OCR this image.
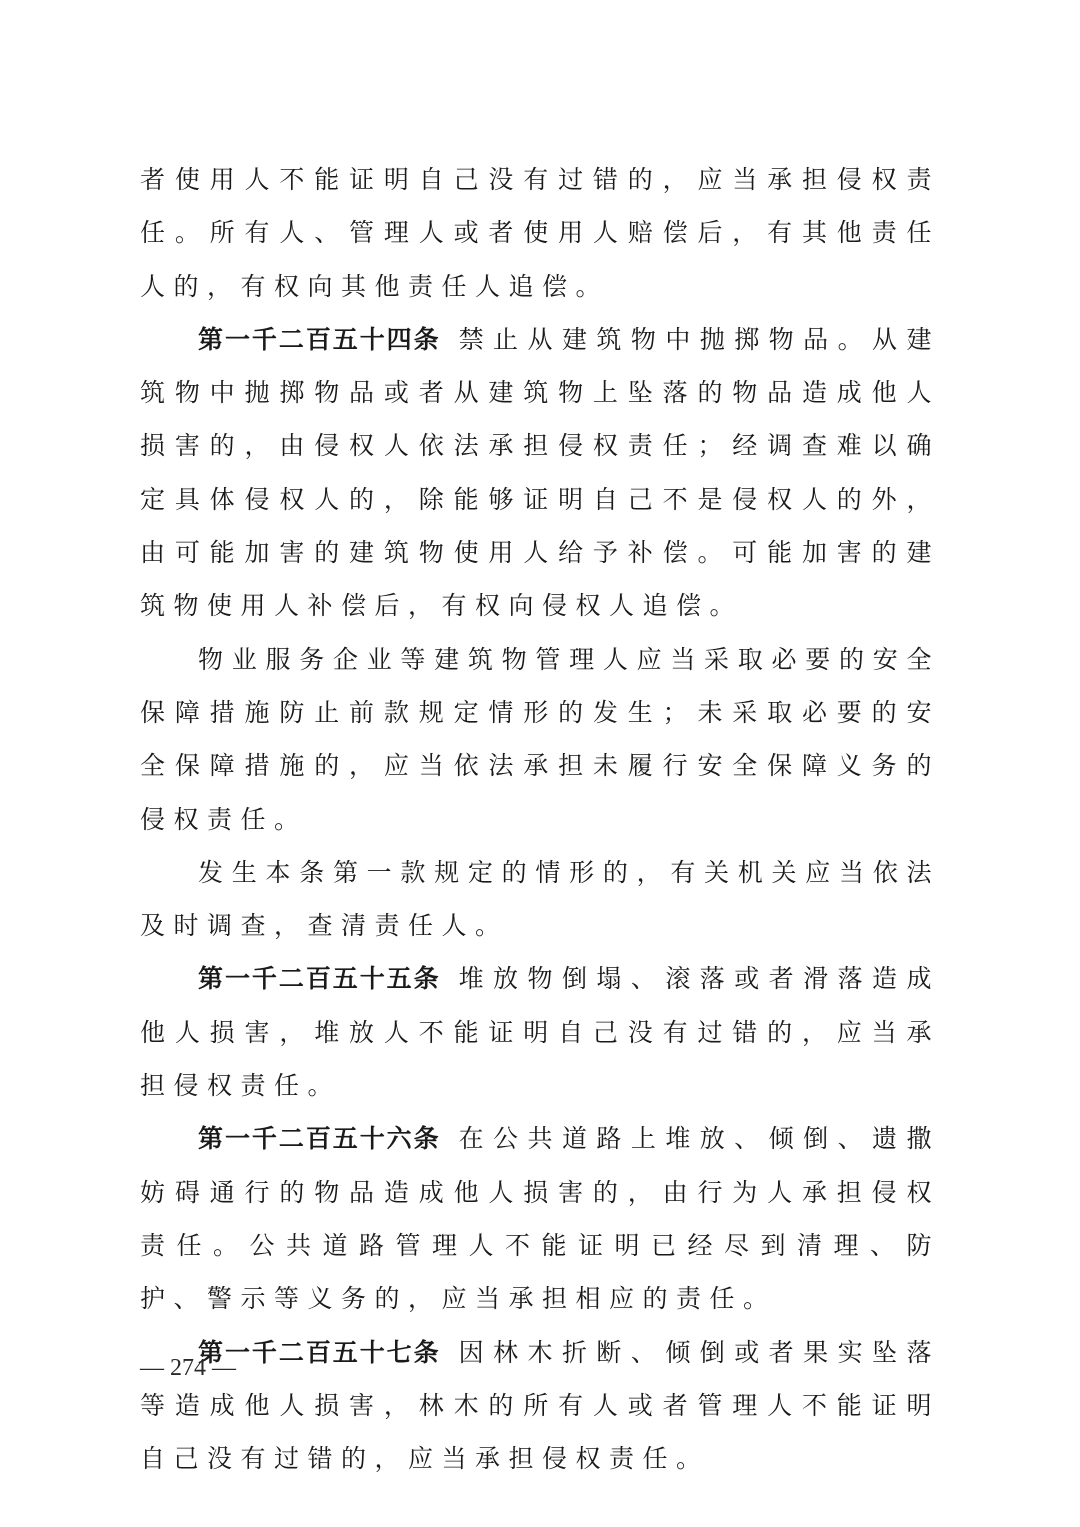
者使用人不能证明自己没有过错的，应当承担侵权责任。所有人、管理人或者使用人赔偿后，有其他责任人的，有权向其他责任人追偿。

第一千二百五十四条 禁止从建筑物中抛掷物品。从建筑物中抛掷物品或者从建筑物上坠落的物品造成他人损害的，由侵权人依法承担侵权责任；经调查难以确定具体侵权人的，除能够证明自己不是侵权人的外，由可能加害的建筑物使用人给予补偿。可能加害的建筑物使用人补偿后，有权向侵权人追偿。

物业服务企业等建筑物管理人应当采取必要的安全保障措施防止前款规定情形的发生；未采取必要的安全保障措施的，应当依法承担未履行安全保障义务的侵权责任。

发生本条第一款规定的情形的，有关机关应当依法及时调查，查清责任人。

第一千二百五十五条 堆放物倒塌、滚落或者滑落造成他人损害，堆放人不能证明自己没有过错的，应当承担侵权责任。

第一千二百五十六条 在公共道路上堆放、倾倒、遗撒妨碍通行的物品造成他人损害的，由行为人承担侵权责任。公共道路管理人不能证明已经尽到清理、防护、警示等义务的，应当承担相应的责任。

第一千二百五十七条 因林木折断、倾倒或者果实坠落等造成他人损害，林木的所有人或者管理人不能证明自己没有过错的，应当承担侵权责任。

— 274 —
